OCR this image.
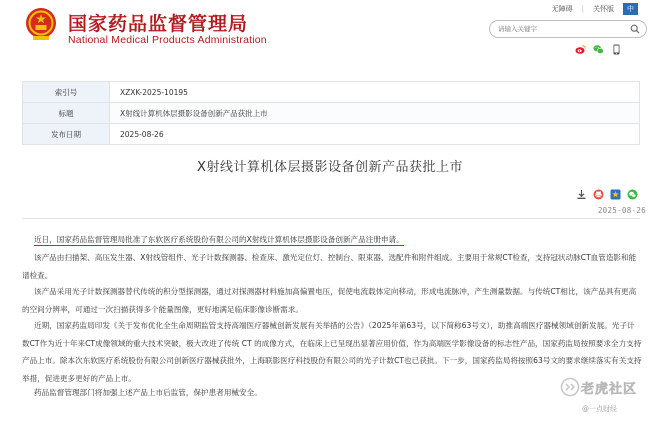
国家药品监督管理局
National Medical Products Administration
无障碍 | 关怀版	中
请输入关键字
索引号	XZXK-2025-10195
标题	X射线计算机体层摄影设备创新产品获批上市
发布日期	2025-08-26
X射线计算机体层摄影设备创新产品获批上市
2025-08-26
近日，国家药品监督管理局批准了东软医疗系统股份有限公司的X射线计算机体层摄影设备创新产品注册申请。
该产品由扫描架、高压发生器、X射线管组件、光子计数探测器、检查床、激光定位灯、控制台、限束器、选配件和附件组成。主要用于常规CT检查，支持冠状动脉CT血管造影和能谱检查。
该产品采用光子计数探测器替代传统的积分型探测器，通过对探测器材料施加高偏置电压，促使电流载体定向移动，形成电流脉冲，产生测量数据。与传统CT相比，该产品具有更高的空间分辨率，可通过一次扫描获得多个能量图像，更好地满足临床影像诊断需求。
近期，国家药监局印发《关于发布优化全生命周期监管支持高端医疗器械创新发展有关举措的公告》（2025年第63号，以下简称63号文），助推高端医疗器械领域创新发展。光子计数CT作为近十年来CT成像领域的重大技术突破，极大改进了传统 CT 的成像方式，在临床上已呈现出显著应用价值，作为高端医学影像设备的标志性产品，国家药监局按照要求全力支持产品上市。除本次东软医疗系统股份有限公司创新医疗器械获批外，上海联影医疗科技股份有限公司的光子计数CT也已获批。下一步，国家药监局将按照63号文的要求继续落实有关支持举措，促进更多更好的产品上市。
药品监督管理部门将加强上述产品上市后监管，保护患者用械安全。	老虎社区
@一点财经
